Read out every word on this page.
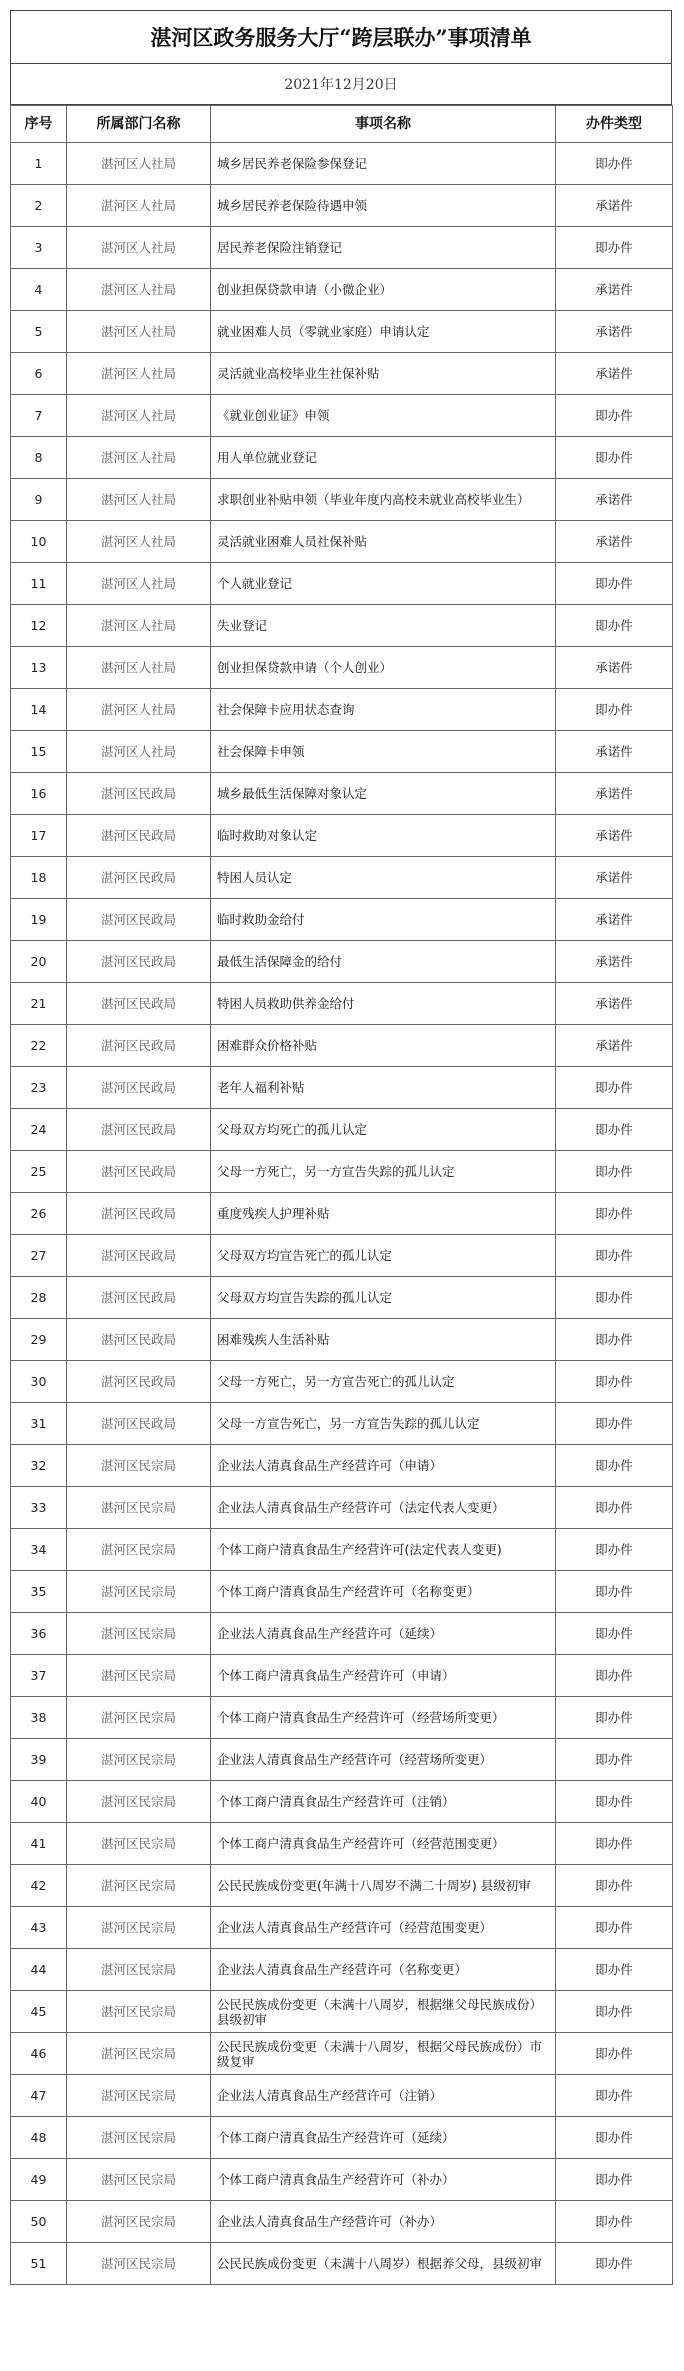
湛河区政务服务大厅“跨层联办”事项清单
2021年12月20日
序号	所属部门名称	事项名称	办件类型
1	湛河区人社局	城乡居民养老保险参保登记	即办件
2	湛河区人社局	城乡居民养老保险待遇申领	承诺件
3	湛河区人社局	居民养老保险注销登记	即办件
4	湛河区人社局	创业担保贷款申请（小微企业）	承诺件
5	湛河区人社局	就业困难人员（零就业家庭）申请认定	承诺件
6	湛河区人社局	灵活就业高校毕业生社保补贴	承诺件
7	湛河区人社局	《就业创业证》申领	即办件
8	湛河区人社局	用人单位就业登记	即办件
9	湛河区人社局	求职创业补贴申领（毕业年度内高校未就业高校毕业生）	承诺件
10	湛河区人社局	灵活就业困难人员社保补贴	承诺件
11	湛河区人社局	个人就业登记	即办件
12	湛河区人社局	失业登记	即办件
13	湛河区人社局	创业担保贷款申请（个人创业）	承诺件
14	湛河区人社局	社会保障卡应用状态查询	即办件
15	湛河区人社局	社会保障卡申领	承诺件
16	湛河区民政局	城乡最低生活保障对象认定	承诺件
17	湛河区民政局	临时救助对象认定	承诺件
18	湛河区民政局	特困人员认定	承诺件
19	湛河区民政局	临时救助金给付	承诺件
20	湛河区民政局	最低生活保障金的给付	承诺件
21	湛河区民政局	特困人员救助供养金给付	承诺件
22	湛河区民政局	困难群众价格补贴	承诺件
23	湛河区民政局	老年人福利补贴	即办件
24	湛河区民政局	父母双方均死亡的孤儿认定	即办件
25	湛河区民政局	父母一方死亡，另一方宣告失踪的孤儿认定	即办件
26	湛河区民政局	重度残疾人护理补贴	即办件
27	湛河区民政局	父母双方均宣告死亡的孤儿认定	即办件
28	湛河区民政局	父母双方均宣告失踪的孤儿认定	即办件
29	湛河区民政局	困难残疾人生活补贴	即办件
30	湛河区民政局	父母一方死亡，另一方宣告死亡的孤儿认定	即办件
31	湛河区民政局	父母一方宣告死亡，另一方宣告失踪的孤儿认定	即办件
32	湛河区民宗局	企业法人清真食品生产经营许可（申请）	即办件
33	湛河区民宗局	企业法人清真食品生产经营许可（法定代表人变更）	即办件
34	湛河区民宗局	个体工商户清真食品生产经营许可(法定代表人变更)	即办件
35	湛河区民宗局	个体工商户清真食品生产经营许可（名称变更）	即办件
36	湛河区民宗局	企业法人清真食品生产经营许可（延续）	即办件
37	湛河区民宗局	个体工商户清真食品生产经营许可（申请）	即办件
38	湛河区民宗局	个体工商户清真食品生产经营许可（经营场所变更）	即办件
39	湛河区民宗局	企业法人清真食品生产经营许可（经营场所变更）	即办件
40	湛河区民宗局	个体工商户清真食品生产经营许可（注销）	即办件
41	湛河区民宗局	个体工商户清真食品生产经营许可（经营范围变更）	即办件
42	湛河区民宗局	公民民族成份变更(年满十八周岁不满二十周岁) 县级初审	即办件
43	湛河区民宗局	企业法人清真食品生产经营许可（经营范围变更）	即办件
44	湛河区民宗局	企业法人清真食品生产经营许可（名称变更）	即办件
45	湛河区民宗局	公民民族成份变更（未满十八周岁，根据继父母民族成份）县级初审	即办件
46	湛河区民宗局	公民民族成份变更（未满十八周岁，根据父母民族成份）市级复审	即办件
47	湛河区民宗局	企业法人清真食品生产经营许可（注销）	即办件
48	湛河区民宗局	个体工商户清真食品生产经营许可（延续）	即办件
49	湛河区民宗局	个体工商户清真食品生产经营许可（补办）	即办件
50	湛河区民宗局	企业法人清真食品生产经营许可（补办）	即办件
51	湛河区民宗局	公民民族成份变更（未满十八周岁）根据养父母，县级初审	即办件
